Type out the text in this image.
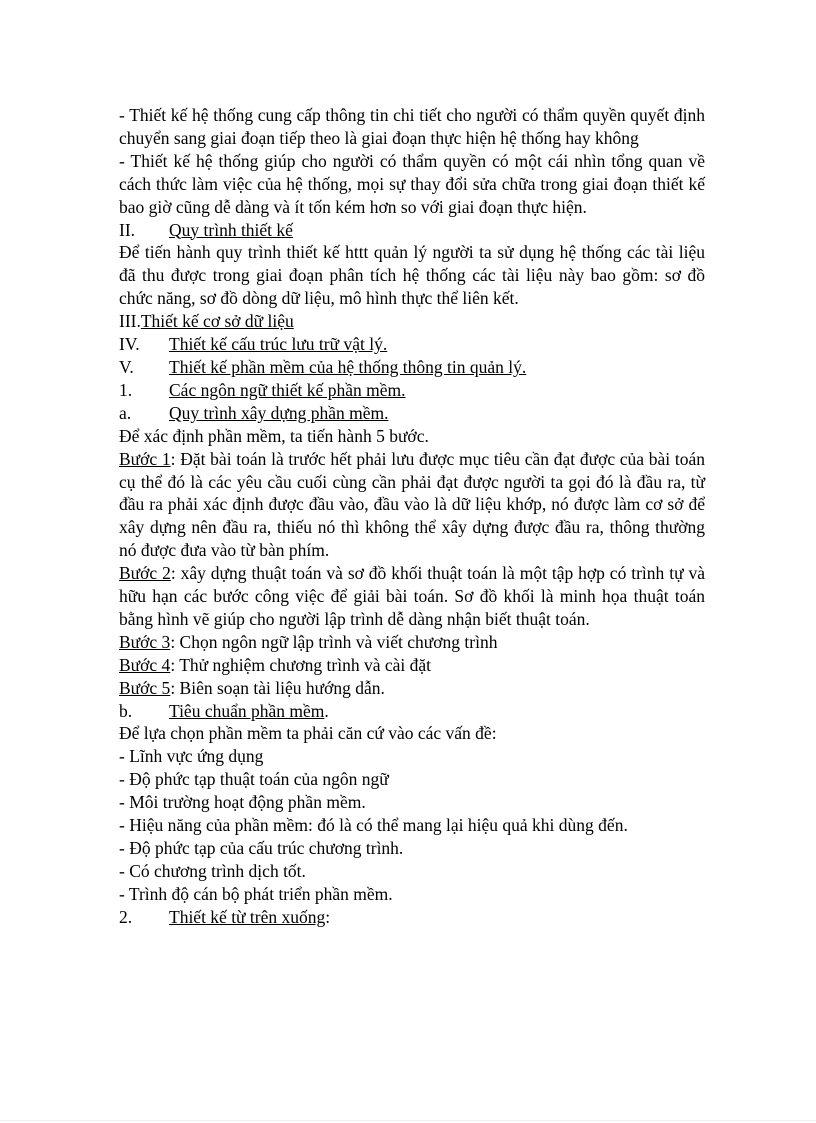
- Thiết kế hệ thống cung cấp thông tin chi tiết cho người có thẩm quyền quyết định chuyển sang giai đoạn tiếp theo là giai đoạn thực hiện hệ thống hay không

- Thiết kế hệ thống giúp cho người có thẩm quyền có một cái nhìn tổng quan về cách thức làm việc của hệ thống, mọi sự thay đổi sửa chữa trong giai đoạn thiết kế bao giờ cũng dễ dàng và ít tốn kém hơn so với giai đoạn thực hiện.

II.	Quy trình thiết kế

Để tiến hành quy trình thiết kế httt quản lý người ta sử dụng hệ thống các tài liệu đã thu được trong giai đoạn phân tích hệ thống các tài liệu này bao gồm: sơ đồ chức năng, sơ đồ dòng dữ liệu, mô hình thực thể liên kết.

III. Thiết kế cơ sở dữ liệu
IV.	Thiết kế cấu trúc lưu trữ vật lý.
V.	Thiết kế phần mềm của hệ thống thông tin quản lý.
1.	Các ngôn ngữ thiết kế phần mềm.
a.	Quy trình xây dựng phần mềm.

Để xác định phần mềm, ta tiến hành 5 bước.

Bước 1: Đặt bài toán là trước hết phải lưu được mục tiêu cần đạt được của bài toán cụ thể đó là các yêu cầu cuối cùng cần phải đạt được người ta gọi đó là đầu ra, từ đầu ra phải xác định được đầu vào, đầu vào là dữ liệu khớp, nó được làm cơ sở để xây dựng nên đầu ra, thiếu nó thì không thể xây dựng được đầu ra, thông thường nó được đưa vào từ bàn phím.

Bước 2: xây dựng thuật toán và sơ đồ khối thuật toán là một tập hợp có trình tự và hữu hạn các bước công việc để giải bài toán. Sơ đồ khối là minh họa thuật toán bằng hình vẽ giúp cho người lập trình dễ dàng nhận biết thuật toán.

Bước 3: Chọn ngôn ngữ lập trình và viết chương trình

Bước 4: Thử nghiệm chương trình và cài đặt

Bước 5: Biên soạn tài liệu hướng dẫn.

b.	Tiêu chuẩn phần mềm.

Để lựa chọn phần mềm ta phải căn cứ vào các vấn đề:

- Lĩnh vực ứng dụng

- Độ phức tạp thuật toán của ngôn ngữ

- Môi trường hoạt động phần mềm.

- Hiệu năng của phần mềm: đó là có thể mang lại hiệu quả khi dùng đến.

- Độ phức tạp của cấu trúc chương trình.

- Có chương trình dịch tốt.

- Trình độ cán bộ phát triển phần mềm.

2.	Thiết kế từ trên xuống:
